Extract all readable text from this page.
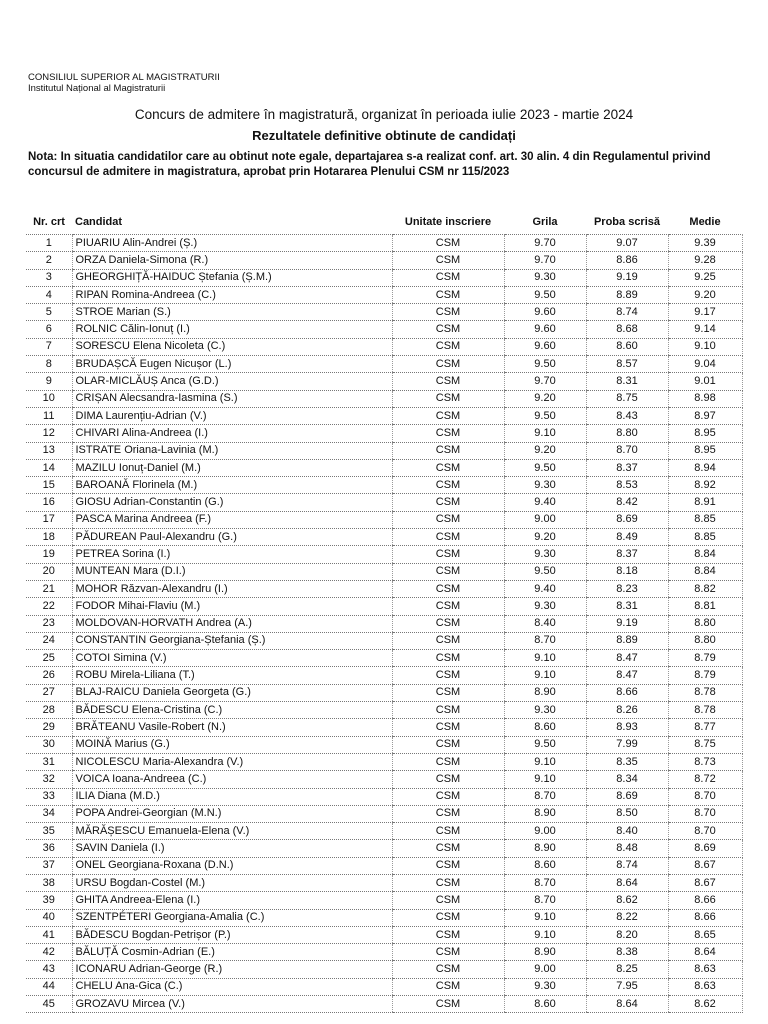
CONSILIUL SUPERIOR AL MAGISTRATURII
Institutul Național al Magistraturii
Concurs de admitere în magistratură, organizat în perioada iulie 2023 - martie 2024
Rezultatele definitive obtinute de candidați
Nota: In situatia candidatilor care au obtinut note egale, departajarea s-a realizat conf. art. 30 alin. 4 din Regulamentul privind concursul de admitere in magistratura, aprobat prin Hotararea Plenului CSM nr 115/2023
Nr. crt	Candidat	Unitate inscriere	Grila	Proba scrisă	Medie
1	PIUARIU Alin-Andrei (Ș.)	CSM	9.70	9.07	9.39
2	ORZA Daniela-Simona (R.)	CSM	9.70	8.86	9.28
3	GHEORGHIȚĂ-HAIDUC Ștefania (Ș.M.)	CSM	9.30	9.19	9.25
4	RIPAN Romina-Andreea (C.)	CSM	9.50	8.89	9.20
5	STROE Marian (S.)	CSM	9.60	8.74	9.17
6	ROLNIC Călin-Ionuț (I.)	CSM	9.60	8.68	9.14
7	SORESCU Elena Nicoleta (C.)	CSM	9.60	8.60	9.10
8	BRUDAȘCĂ Eugen Nicușor (L.)	CSM	9.50	8.57	9.04
9	OLAR-MICLĂUȘ Anca (G.D.)	CSM	9.70	8.31	9.01
10	CRIȘAN Alecsandra-Iasmina (S.)	CSM	9.20	8.75	8.98
11	DIMA Laurențiu-Adrian (V.)	CSM	9.50	8.43	8.97
12	CHIVARI Alina-Andreea (I.)	CSM	9.10	8.80	8.95
13	ISTRATE Oriana-Lavinia (M.)	CSM	9.20	8.70	8.95
14	MAZILU Ionuț-Daniel (M.)	CSM	9.50	8.37	8.94
15	BAROANĂ Florinela (M.)	CSM	9.30	8.53	8.92
16	GIOSU Adrian-Constantin (G.)	CSM	9.40	8.42	8.91
17	PASCA Marina Andreea (F.)	CSM	9.00	8.69	8.85
18	PĂDUREAN Paul-Alexandru (G.)	CSM	9.20	8.49	8.85
19	PETREA Sorina (I.)	CSM	9.30	8.37	8.84
20	MUNTEAN Mara (D.I.)	CSM	9.50	8.18	8.84
21	MOHOR Răzvan-Alexandru (I.)	CSM	9.40	8.23	8.82
22	FODOR Mihai-Flaviu (M.)	CSM	9.30	8.31	8.81
23	MOLDOVAN-HORVATH Andrea (A.)	CSM	8.40	9.19	8.80
24	CONSTANTIN Georgiana-Ștefania (Ș.)	CSM	8.70	8.89	8.80
25	COTOI Simina (V.)	CSM	9.10	8.47	8.79
26	ROBU Mirela-Liliana (T.)	CSM	9.10	8.47	8.79
27	BLAJ-RAICU Daniela Georgeta (G.)	CSM	8.90	8.66	8.78
28	BĂDESCU Elena-Cristina (C.)	CSM	9.30	8.26	8.78
29	BRĂTEANU Vasile-Robert (N.)	CSM	8.60	8.93	8.77
30	MOINĂ Marius (G.)	CSM	9.50	7.99	8.75
31	NICOLESCU Maria-Alexandra (V.)	CSM	9.10	8.35	8.73
32	VOICA Ioana-Andreea (C.)	CSM	9.10	8.34	8.72
33	ILIA Diana (M.D.)	CSM	8.70	8.69	8.70
34	POPA Andrei-Georgian (M.N.)	CSM	8.90	8.50	8.70
35	MĂRĂȘESCU Emanuela-Elena (V.)	CSM	9.00	8.40	8.70
36	SAVIN Daniela (I.)	CSM	8.90	8.48	8.69
37	ONEL Georgiana-Roxana (D.N.)	CSM	8.60	8.74	8.67
38	URSU Bogdan-Costel (M.)	CSM	8.70	8.64	8.67
39	GHITA Andreea-Elena (I.)	CSM	8.70	8.62	8.66
40	SZENTPÉTERI Georgiana-Amalia (C.)	CSM	9.10	8.22	8.66
41	BĂDESCU Bogdan-Petrișor (P.)	CSM	9.10	8.20	8.65
42	BĂLUȚĂ Cosmin-Adrian (E.)	CSM	8.90	8.38	8.64
43	ICONARU Adrian-George (R.)	CSM	9.00	8.25	8.63
44	CHELU Ana-Gica (C.)	CSM	9.30	7.95	8.63
45	GROZAVU Mircea (V.)	CSM	8.60	8.64	8.62
